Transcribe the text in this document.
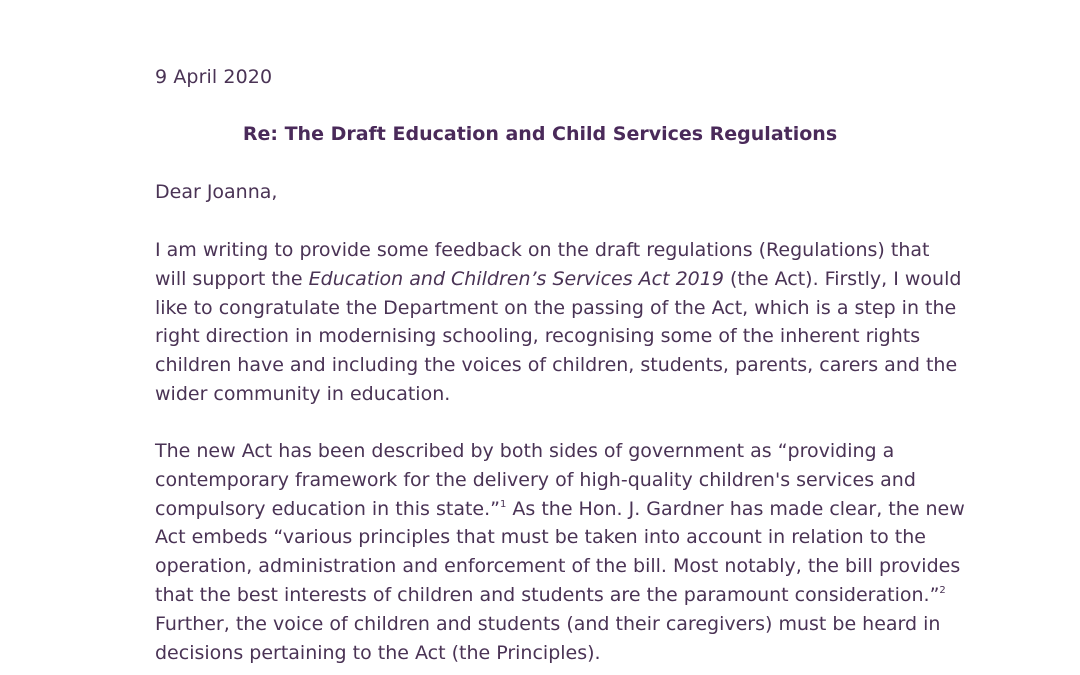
9 April 2020
Re: The Draft Education and Child Services Regulations
Dear Joanna,

I am writing to provide some feedback on the draft regulations (Regulations) that
will support the Education and Children’s Services Act 2019 (the Act). Firstly, I would
like to congratulate the Department on the passing of the Act, which is a step in the
right direction in modernising schooling, recognising some of the inherent rights
children have and including the voices of children, students, parents, carers and the
wider community in education.

The new Act has been described by both sides of government as “providing a
contemporary framework for the delivery of high-quality children's services and
compulsory education in this state.”$^1$ As the Hon. J. Gardner has made clear, the new
Act embeds “various principles that must be taken into account in relation to the
operation, administration and enforcement of the bill. Most notably, the bill provides
that the best interests of children and students are the paramount consideration.”$^2$
Further, the voice of children and students (and their caregivers) must be heard in
decisions pertaining to the Act (the Principles).
